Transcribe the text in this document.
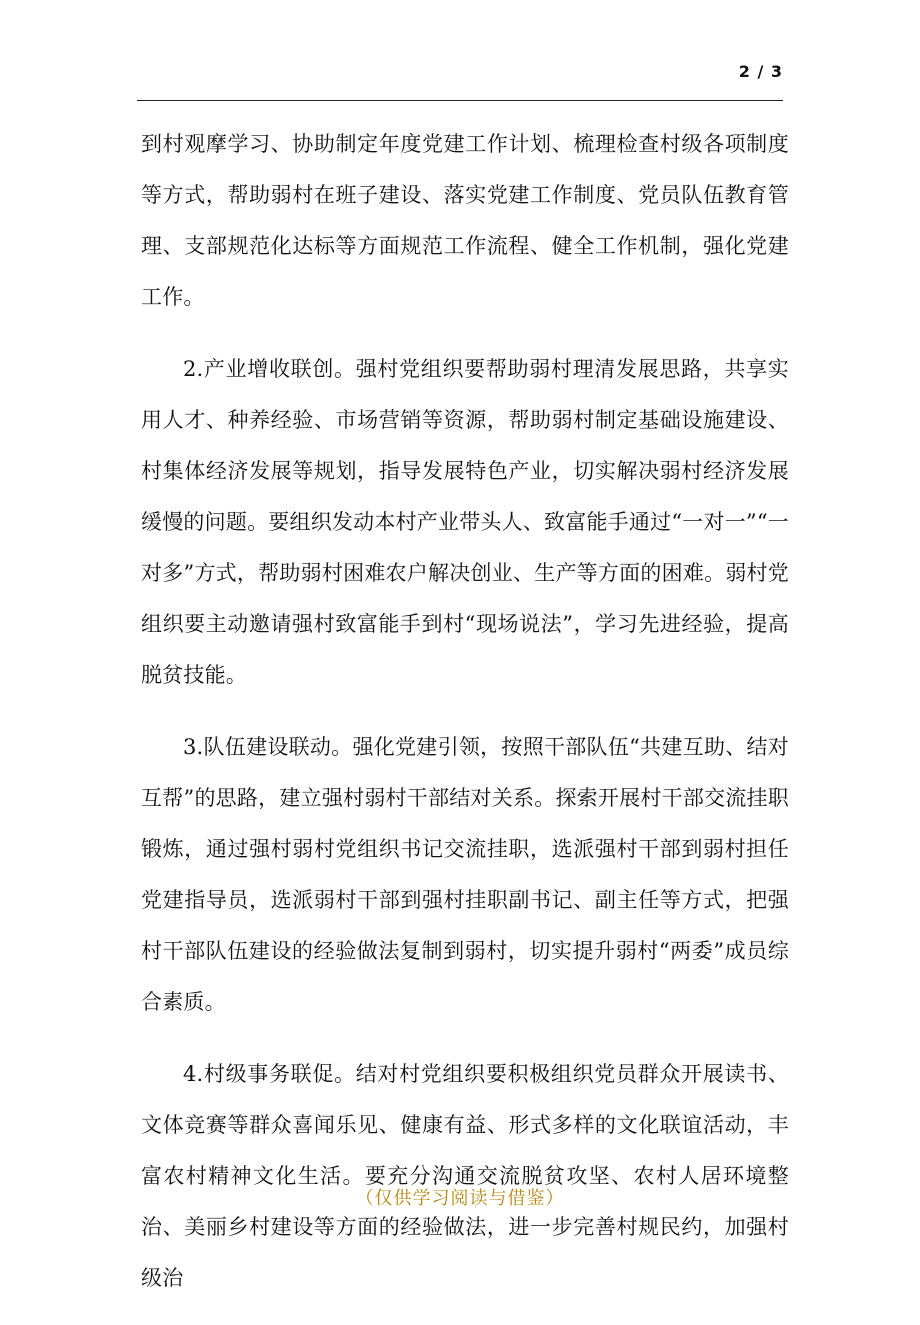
2 / 3

到村观摩学习、协助制定年度党建工作计划、梳理检查村级各项制度等方式，帮助弱村在班子建设、落实党建工作制度、党员队伍教育管理、支部规范化达标等方面规范工作流程、健全工作机制，强化党建工作。

2.产业增收联创。强村党组织要帮助弱村理清发展思路，共享实用人才、种养经验、市场营销等资源，帮助弱村制定基础设施建设、村集体经济发展等规划，指导发展特色产业，切实解决弱村经济发展缓慢的问题。要组织发动本村产业带头人、致富能手通过“一对一”“一对多”方式，帮助弱村困难农户解决创业、生产等方面的困难。弱村党组织要主动邀请强村致富能手到村“现场说法”，学习先进经验，提高脱贫技能。

3.队伍建设联动。强化党建引领，按照干部队伍“共建互助、结对互帮”的思路，建立强村弱村干部结对关系。探索开展村干部交流挂职锻炼，通过强村弱村党组织书记交流挂职，选派强村干部到弱村担任党建指导员，选派弱村干部到强村挂职副书记、副主任等方式，把强村干部队伍建设的经验做法复制到弱村，切实提升弱村“两委”成员综合素质。

4.村级事务联促。结对村党组织要积极组织党员群众开展读书、文体竞赛等群众喜闻乐见、健康有益、形式多样的文化联谊活动，丰富农村精神文化生活。要充分沟通交流脱贫攻坚、农村人居环境整治、美丽乡村建设等方面的经验做法，进一步完善村规民约，加强村级治

（仅供学习阅读与借鉴）
